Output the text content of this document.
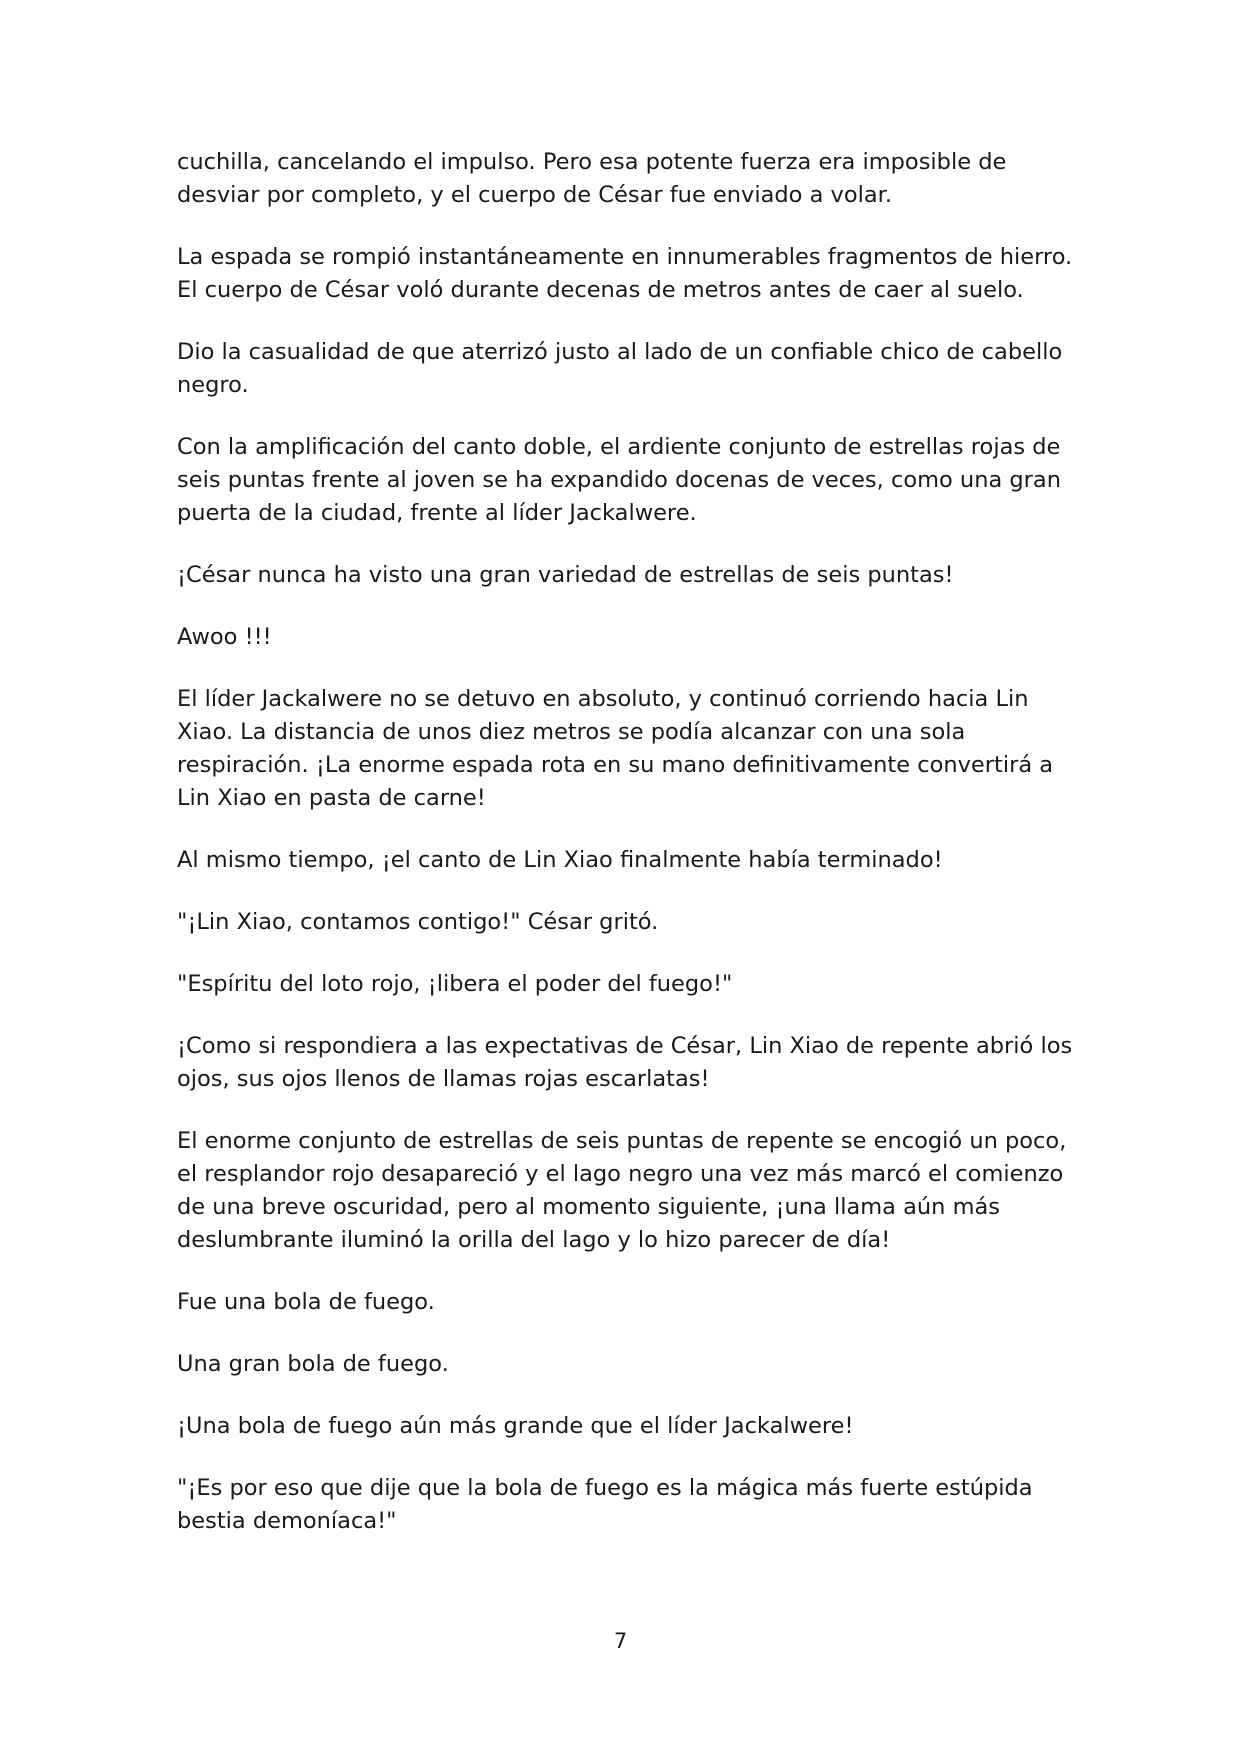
cuchilla, cancelando el impulso. Pero esa potente fuerza era imposible de desviar por completo, y el cuerpo de César fue enviado a volar.

La espada se rompió instantáneamente en innumerables fragmentos de hierro. El cuerpo de César voló durante decenas de metros antes de caer al suelo.

Dio la casualidad de que aterrizó justo al lado de un confiable chico de cabello negro.

Con la amplificación del canto doble, el ardiente conjunto de estrellas rojas de seis puntas frente al joven se ha expandido docenas de veces, como una gran puerta de la ciudad, frente al líder Jackalwere.

¡César nunca ha visto una gran variedad de estrellas de seis puntas!

Awoo !!!

El líder Jackalwere no se detuvo en absoluto, y continuó corriendo hacia Lin Xiao. La distancia de unos diez metros se podía alcanzar con una sola respiración. ¡La enorme espada rota en su mano definitivamente convertirá a Lin Xiao en pasta de carne!

Al mismo tiempo, ¡el canto de Lin Xiao finalmente había terminado!

"¡Lin Xiao, contamos contigo!" César gritó.

"Espíritu del loto rojo, ¡libera el poder del fuego!"

¡Como si respondiera a las expectativas de César, Lin Xiao de repente abrió los ojos, sus ojos llenos de llamas rojas escarlatas!

El enorme conjunto de estrellas de seis puntas de repente se encogió un poco, el resplandor rojo desapareció y el lago negro una vez más marcó el comienzo de una breve oscuridad, pero al momento siguiente, ¡una llama aún más deslumbrante iluminó la orilla del lago y lo hizo parecer de día!

Fue una bola de fuego.

Una gran bola de fuego.

¡Una bola de fuego aún más grande que el líder Jackalwere!

"¡Es por eso que dije que la bola de fuego es la mágica más fuerte estúpida bestia demoníaca!"

7
